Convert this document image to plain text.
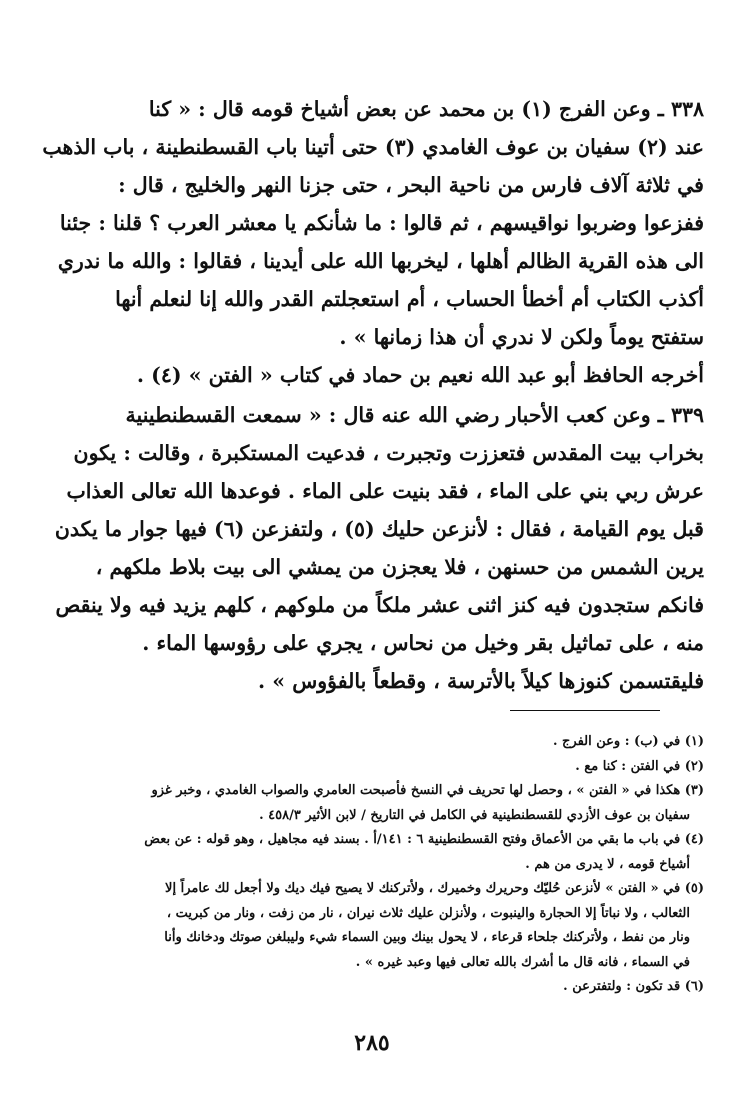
٣٣٨ ـ وعن الفرج (١) بن محمد عن بعض أشياخ قومه قال : « كنا
عند (٢) سفيان بن عوف الغامدي (٣) حتى أتينا باب القسطنطينة ، باب الذهب
في ثلاثة آلاف فارس من ناحية البحر ، حتى جزنا النهر والخليج ، قال :
ففزعوا وضربوا نواقيسهم ، ثم قالوا : ما شأنكم يا معشر العرب ؟ قلنا : جئنا
الى هذه القرية الظالم أهلها ، ليخربها الله على أيدينا ، فقالوا : والله ما ندري
أكذب الكتاب أم أخطأ الحساب ، أم استعجلتم القدر والله إنا لنعلم أنها
ستفتح يوماً ولكن لا ندري أن هذا زمانها » .
أخرجه الحافظ أبو عبد الله نعيم بن حماد في كتاب « الفتن » (٤) .
٣٣٩ ـ وعن كعب الأحبار رضي الله عنه قال : « سمعت القسطنطينية
بخراب بيت المقدس فتعززت وتجبرت ، فدعيت المستكبرة ، وقالت : يكون
عرش ربي بني على الماء ، فقد بنيت على الماء . فوعدها الله تعالى العذاب
قبل يوم القيامة ، فقال : لأنزعن حليك (٥) ، ولتفزعن (٦) فيها جوار ما يكدن
يرين الشمس من حسنهن ، فلا يعجزن من يمشي الى بيت بلاط ملكهم ،
فانكم ستجدون فيه كنز اثنى عشر ملكاً من ملوكهم ، كلهم يزيد فيه ولا ينقص
منه ، على تماثيل بقر وخيل من نحاس ، يجري على رؤوسها الماء .
فليقتسمن كنوزها كيلاً بالأترسة ، وقطعاً بالفؤوس » .
(١) في (ب) : وعن الفرج .
(٢) في الفتن : كنا مع .
(٣) هكذا في « الفتن » ، وحصل لها تحريف في النسخ فأصبحت العامري والصواب الغامدي ، وخبر غزو
سفيان بن عوف الأزدي للقسطنطينية في الكامل في التاريخ / لابن الأثير ٤٥٨/٣ .
(٤) في باب ما بقي من الأعماق وفتح القسطنطينية ٦ : ١٤١/أ . بسند فيه مجاهيل ، وهو قوله : عن بعض
أشياخ قومه ، لا يدرى من هم .
(٥) في « الفتن » لأنزعن حُليّك وحريرك وخميرك ، ولأتركنك لا يصيح فيك ديك ولا أجعل لك عامراً إلا
الثعالب ، ولا نباتاً إلا الحجارة والينبوت ، ولأنزلن عليك ثلاث نيران ، نار من زفت ، ونار من كبريت ،
ونار من نفط ، ولأتركنك جلحاء قرعاء ، لا يحول بينك وبين السماء شيء وليبلغن صوتك ودخانك وأنا
في السماء ، فانه قال ما أشرك بالله تعالى فيها وعبد غيره » .
(٦) قد تكون : ولتفترعن .
٢٨٥
